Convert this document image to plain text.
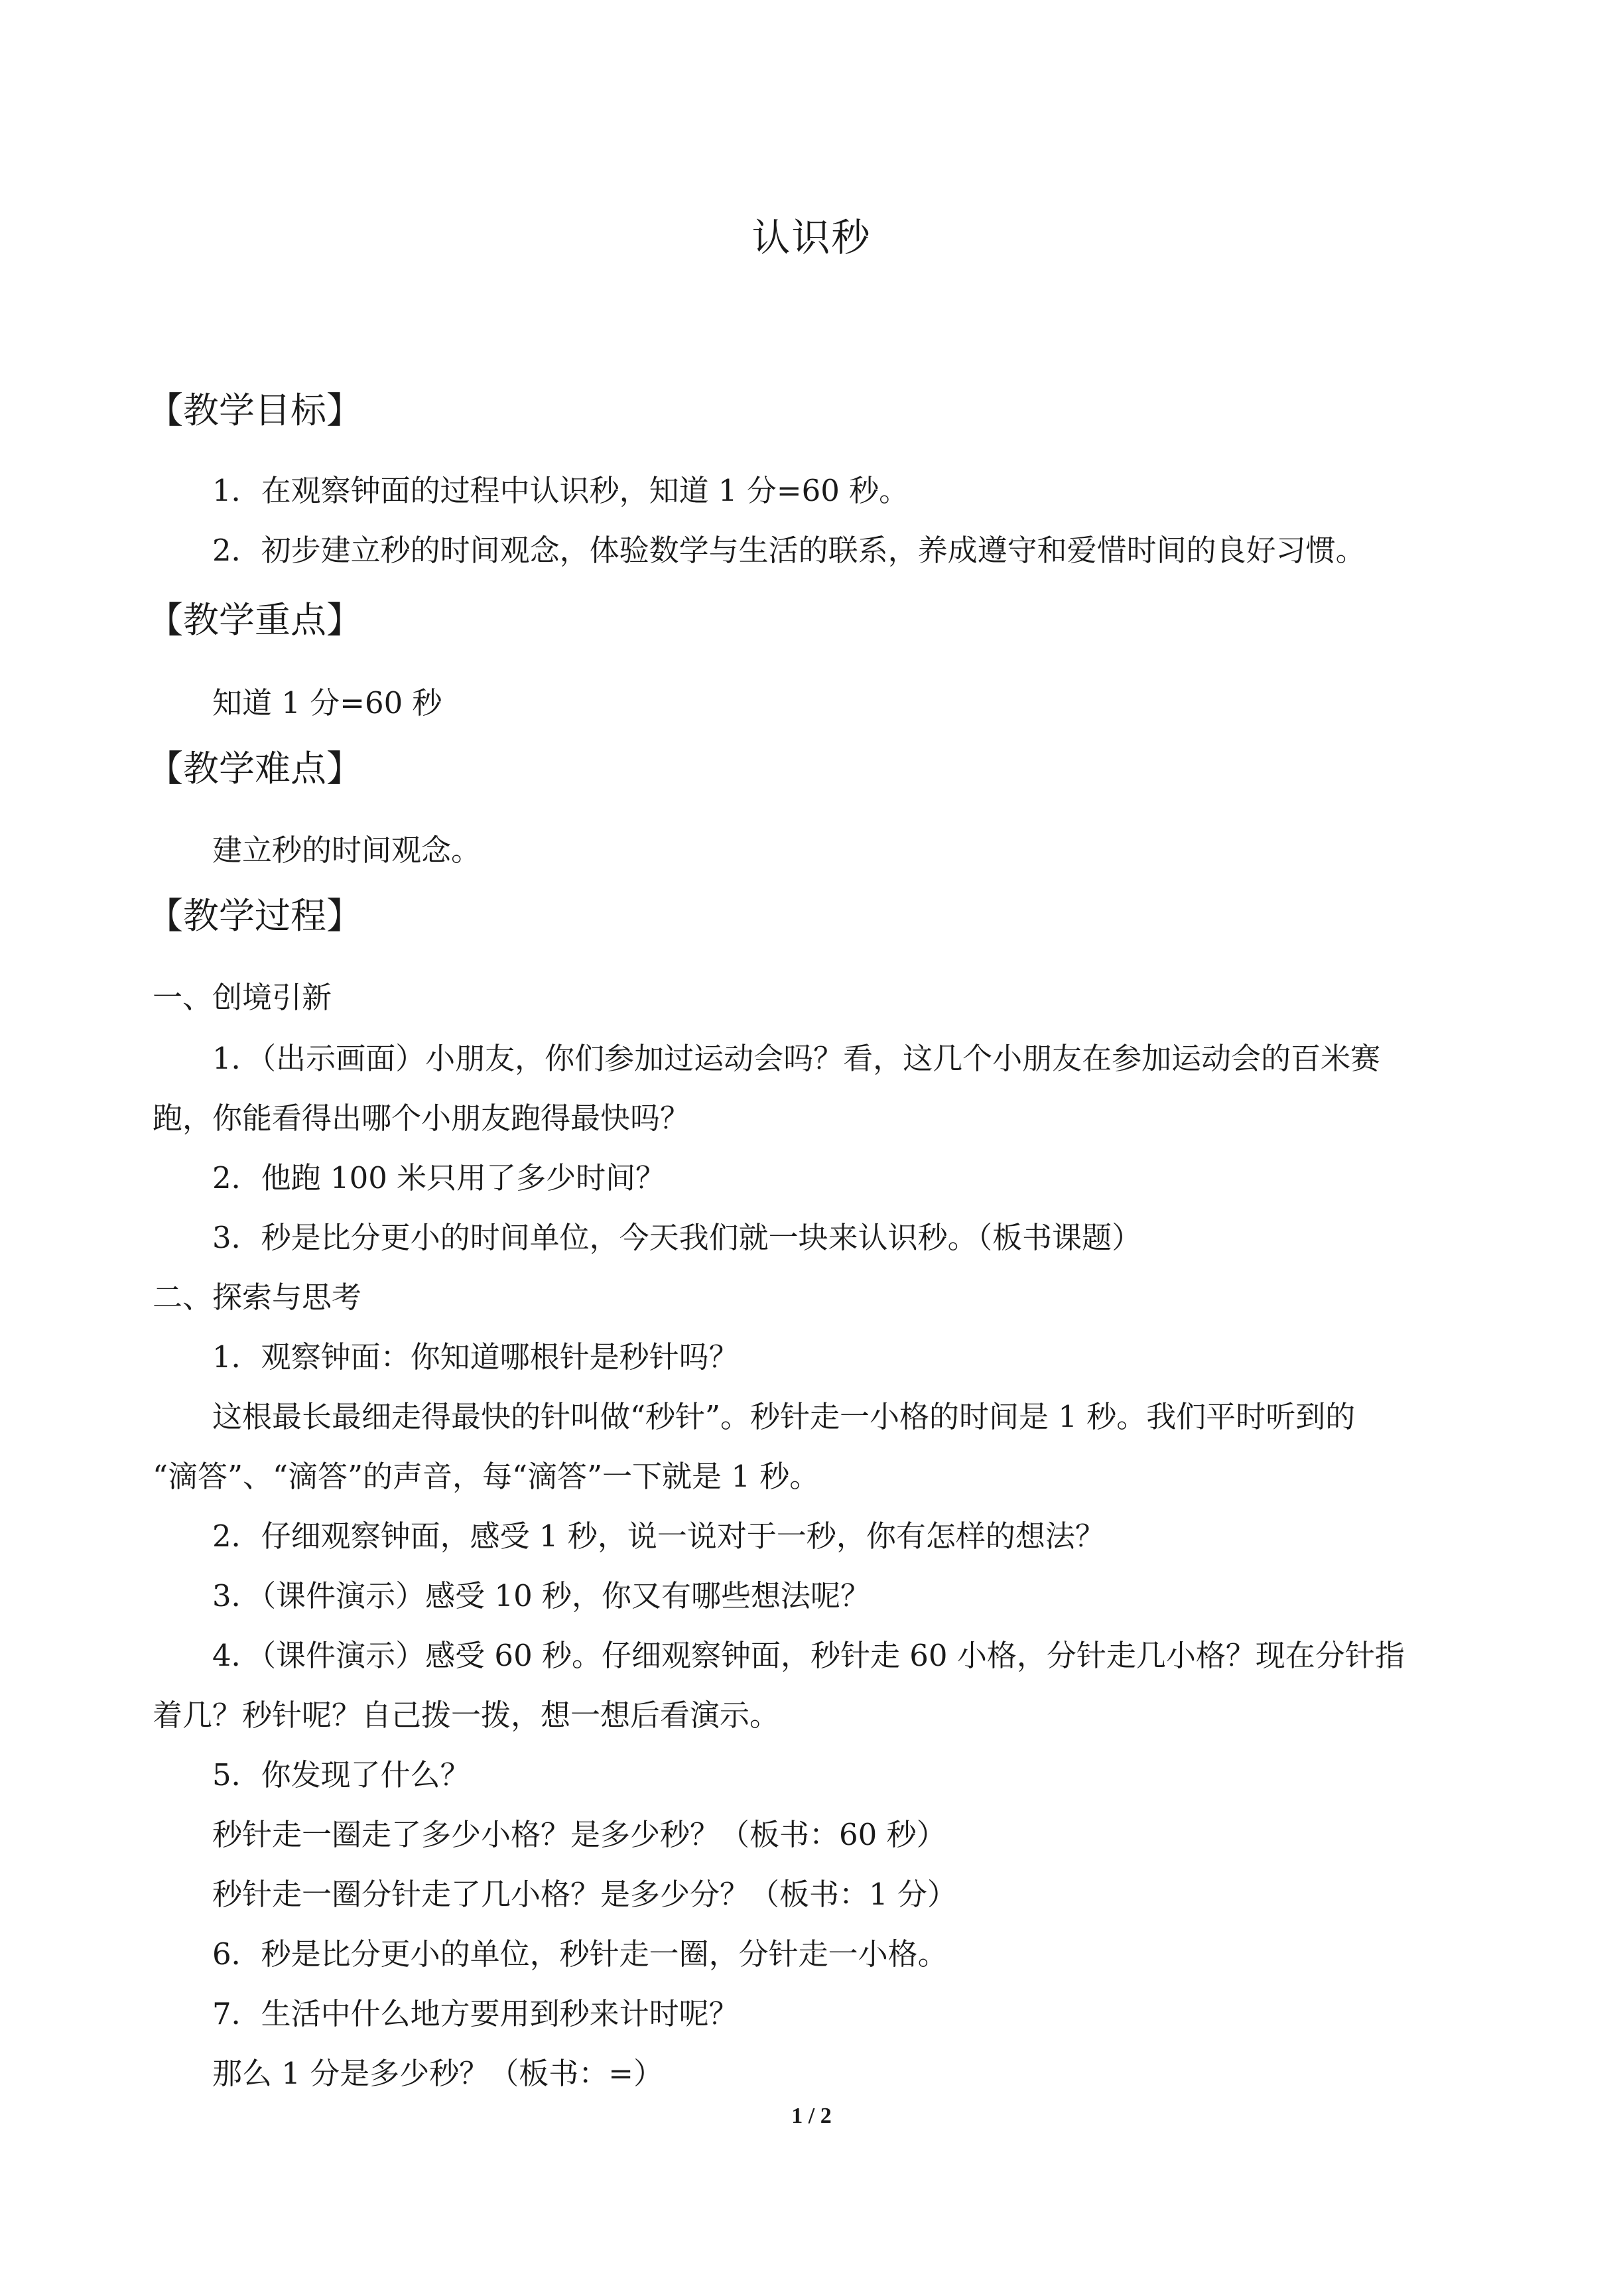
认识秒
【教学目标】
1．在观察钟面的过程中认识秒，知道 1 分=60 秒。
2．初步建立秒的时间观念，体验数学与生活的联系，养成遵守和爱惜时间的良好习惯。
【教学重点】
知道 1 分=60 秒
【教学难点】
建立秒的时间观念。
【教学过程】
一、创境引新
1．（出示画面）小朋友，你们参加过运动会吗？看，这几个小朋友在参加运动会的百米赛
跑，你能看得出哪个小朋友跑得最快吗？
2．他跑 100 米只用了多少时间？
3．秒是比分更小的时间单位，今天我们就一块来认识秒。（板书课题）
二、探索与思考
1．观察钟面：你知道哪根针是秒针吗？
这根最长最细走得最快的针叫做“秒针”。秒针走一小格的时间是 1 秒。我们平时听到的
“滴答”、“滴答”的声音，每“滴答”一下就是 1 秒。
2．仔细观察钟面，感受 1 秒，说一说对于一秒，你有怎样的想法？
3．（课件演示）感受 10 秒，你又有哪些想法呢？
4．（课件演示）感受 60 秒。仔细观察钟面，秒针走 60 小格，分针走几小格？现在分针指
着几？秒针呢？自己拨一拨，想一想后看演示。
5．你发现了什么？
秒针走一圈走了多少小格？是多少秒？（板书：60 秒）
秒针走一圈分针走了几小格？是多少分？（板书：1 分）
6．秒是比分更小的单位，秒针走一圈，分针走一小格。
7．生活中什么地方要用到秒来计时呢？
那么 1 分是多少秒？（板书：=）
1 / 2
